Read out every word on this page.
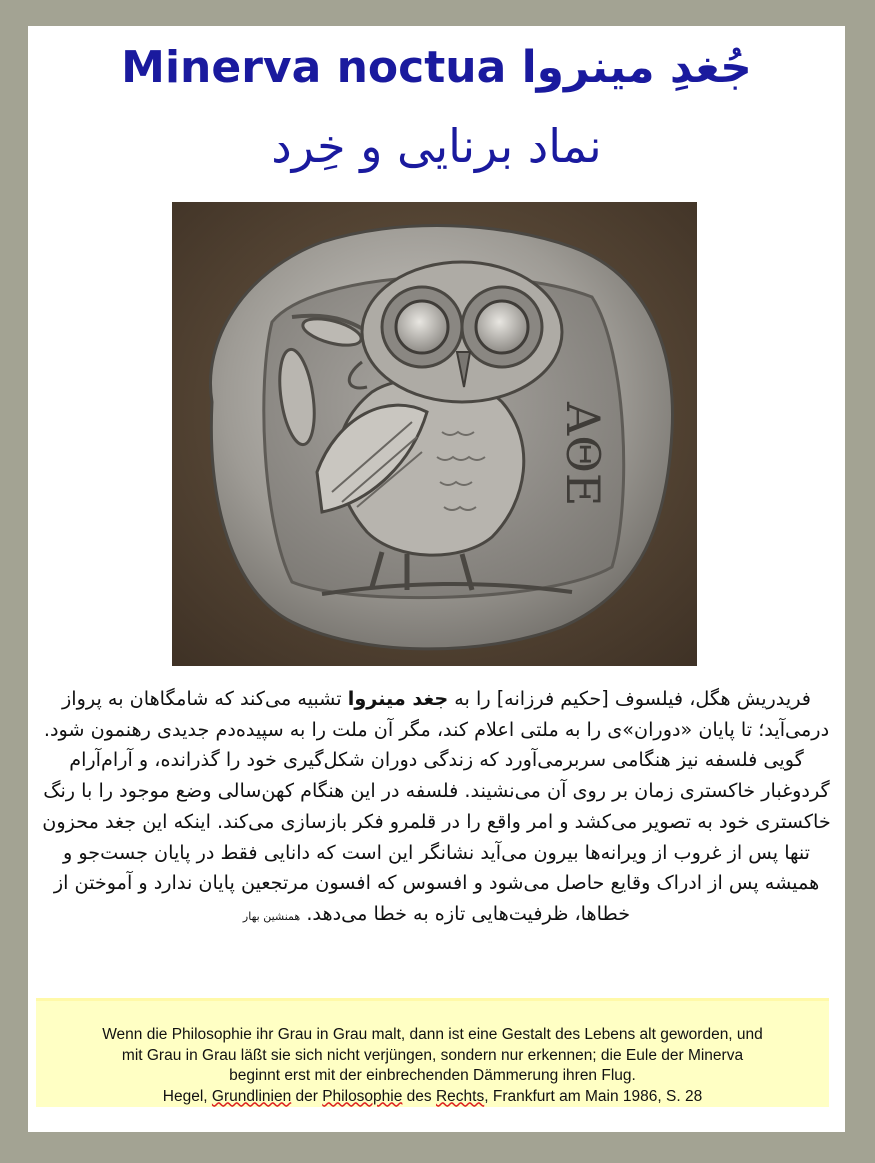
Minerva noctua جُغدِ مینروا
نماد برنایی و خِرد
ΑΘΕ
فریدریش هگل، فیلسوف [حکیم فرزانه] را به جغد مینروا تشبیه می‌کند که شامگاهان به پرواز درمی‌آید؛ تا پایان «دوران»ی را به ملتی اعلام کند، مگر آن ملت را به سپیده‌دم جدیدی رهنمون شود. گویی فلسفه نیز هنگامی سربرمی‌آورد که زندگی دوران شکل‌گیری خود را گذرانده، و آرام‌آرام گردوغبار خاکستری زمان بر روی آن می‌نشیند. فلسفه در این هنگام کهن‌سالی وضع موجود را با رنگ خاکستری خود به تصویر می‌کشد و امر واقع را در قلمرو فکر بازسازی می‌کند. اینکه این جغد محزون تنها پس از غروب از ویرانه‌ها بیرون می‌آید نشانگر این است که دانایی فقط در پایان جست‌جو و همیشه پس از ادراک وقایع حاصل می‌شود و افسوس که افسون مرتجعین پایان ندارد و آموختن از خطاها، ظرفیت‌هایی تازه به خطا می‌دهد. همنشین بهار
Wenn die Philosophie ihr Grau in Grau malt, dann ist eine Gestalt des Lebens alt geworden, und
mit Grau in Grau läßt sie sich nicht verjüngen, sondern nur erkennen; die Eule der Minerva
beginnt erst mit der einbrechenden Dämmerung ihren Flug.
Hegel, Grundlinien der Philosophie des Rechts, Frankfurt am Main 1986, S. 28
